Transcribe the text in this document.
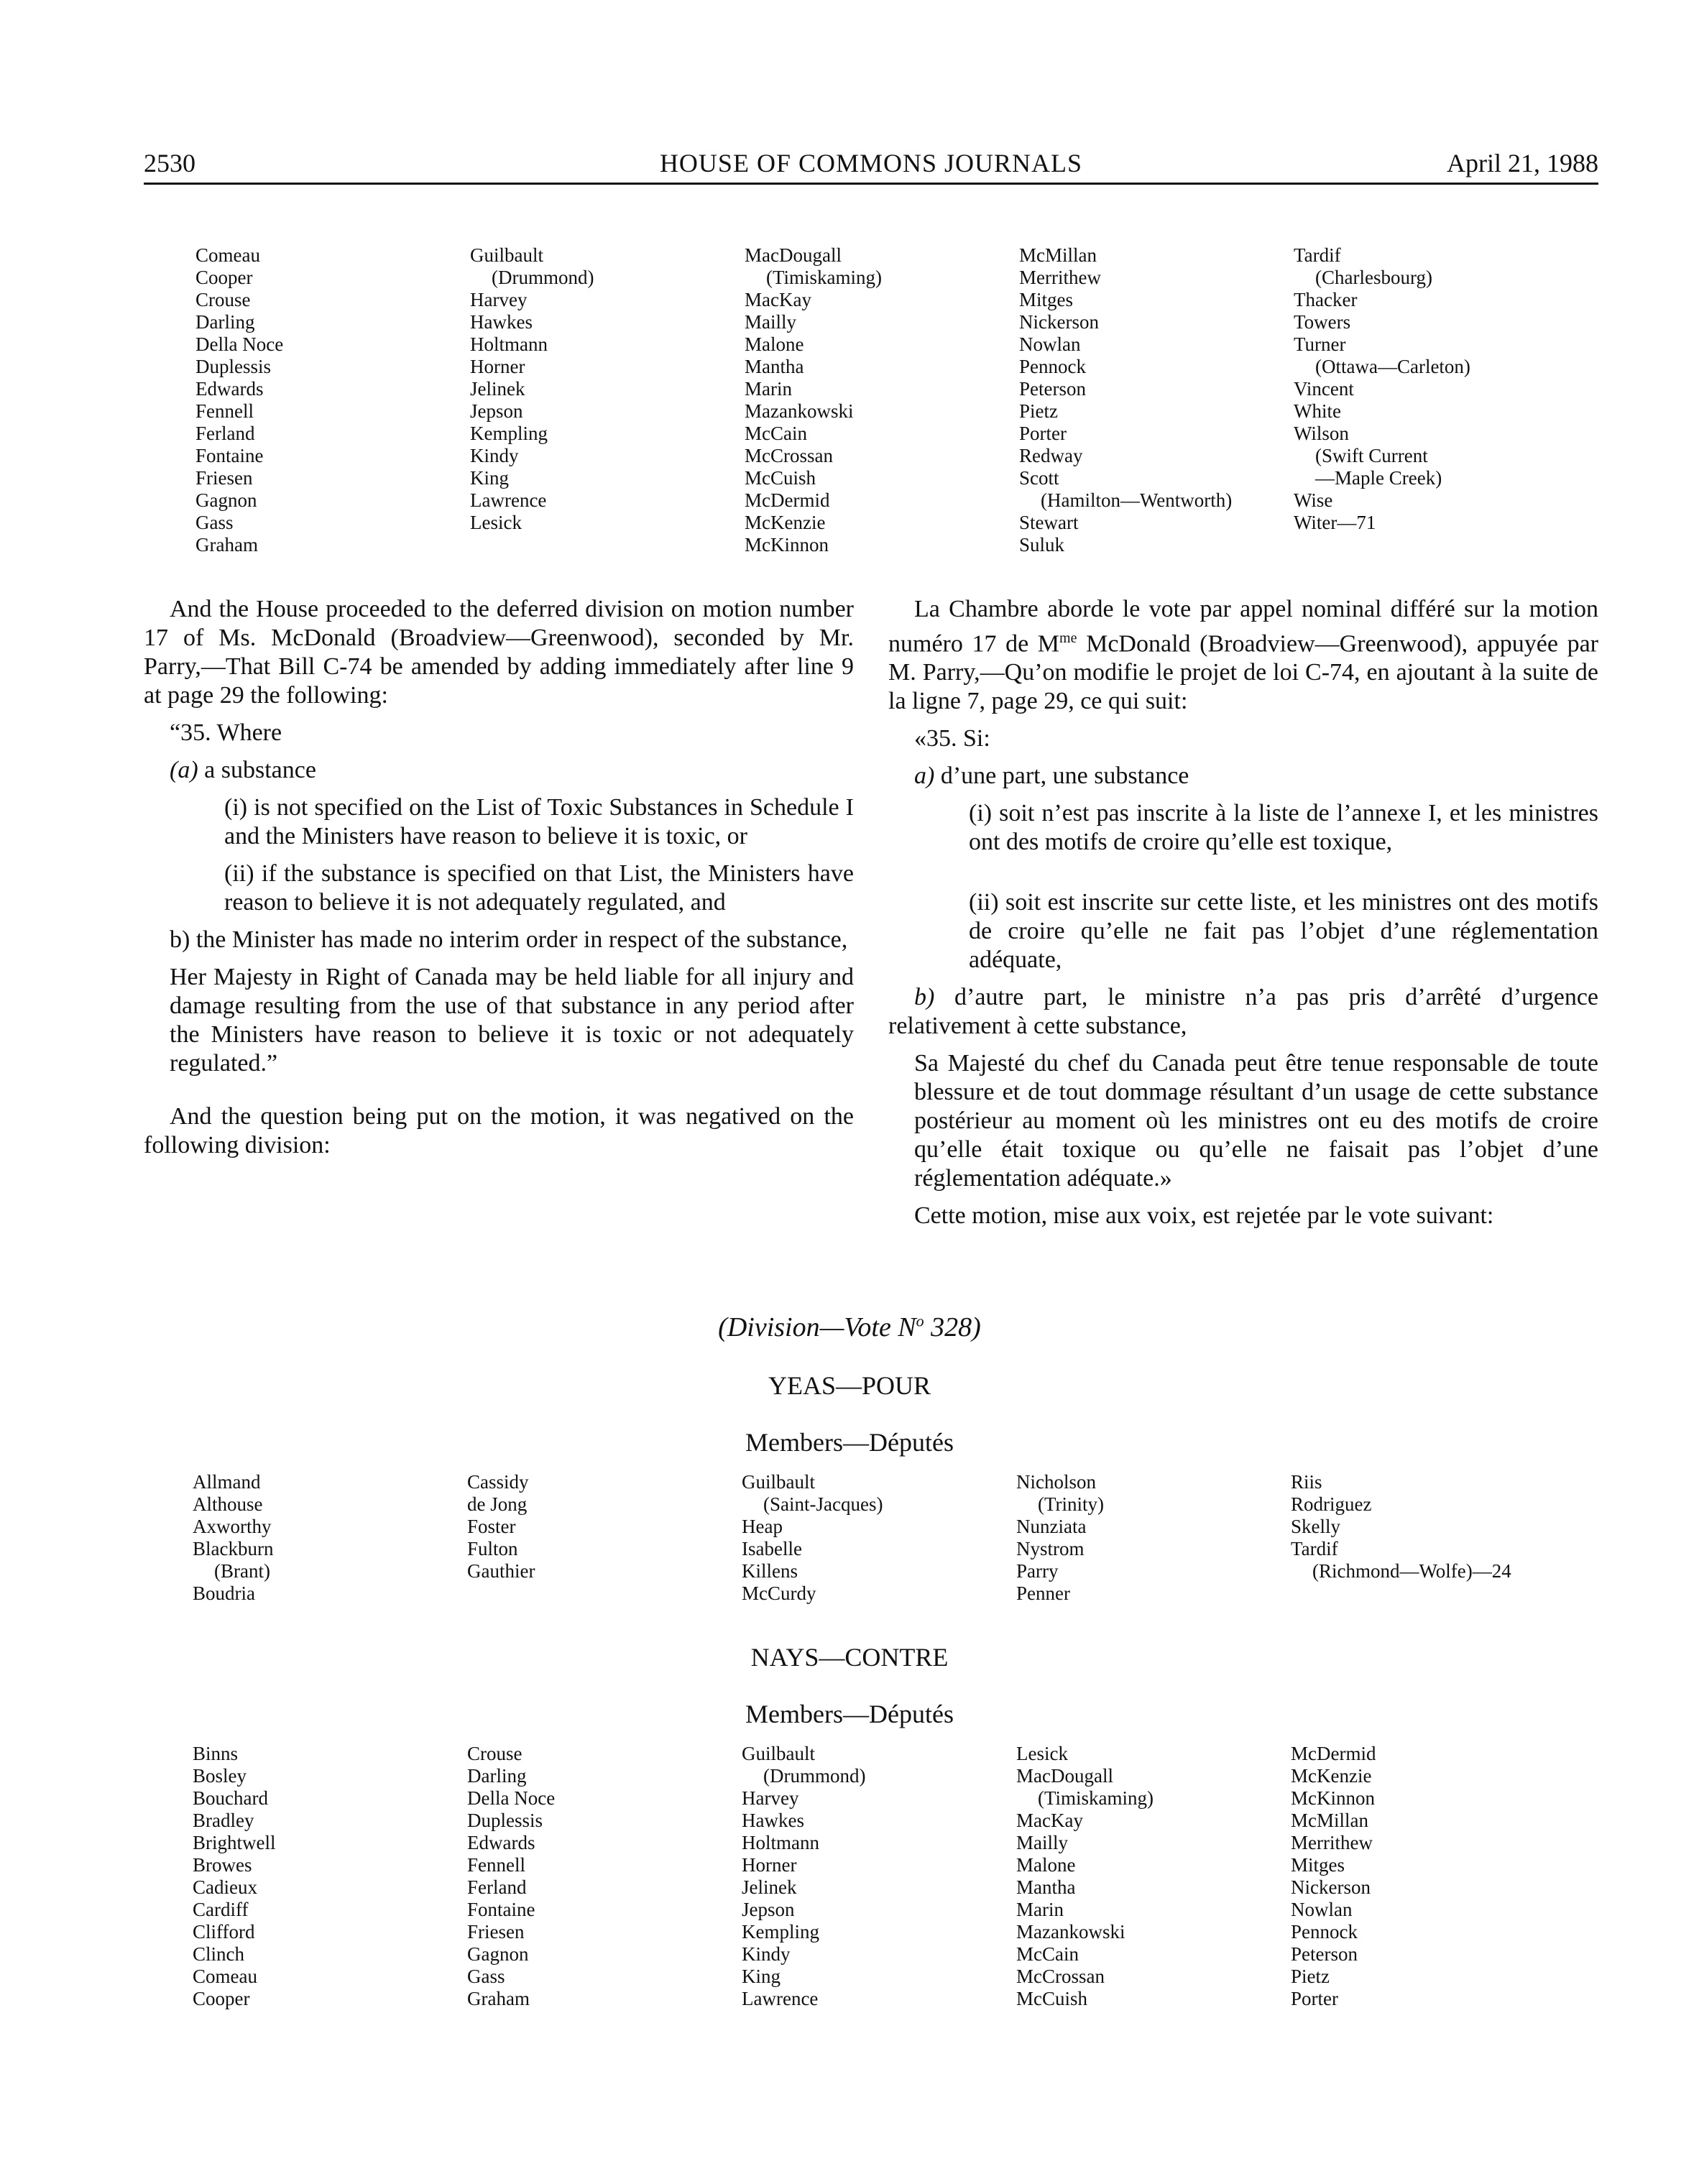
2530	HOUSE OF COMMONS JOURNALS	April 21, 1988
Comeau
Cooper
Crouse
Darling
Della Noce
Duplessis
Edwards
Fennell
Ferland
Fontaine
Friesen
Gagnon
Gass
Graham
Guilbault
(Drummond)
Harvey
Hawkes
Holtmann
Horner
Jelinek
Jepson
Kempling
Kindy
King
Lawrence
Lesick
MacDougall
(Timiskaming)
MacKay
Mailly
Malone
Mantha
Marin
Mazankowski
McCain
McCrossan
McCuish
McDermid
McKenzie
McKinnon
McMillan
Merrithew
Mitges
Nickerson
Nowlan
Pennock
Peterson
Pietz
Porter
Redway
Scott
(Hamilton—Wentworth)
Stewart
Suluk
Tardif
(Charlesbourg)
Thacker
Towers
Turner
(Ottawa—Carleton)
Vincent
White
Wilson
(Swift Current
—Maple Creek)
Wise
Witer—71

And the House proceeded to the deferred division on motion number 17 of Ms. McDonald (Broadview—Greenwood), seconded by Mr. Parry,—That Bill C-74 be amended by adding immediately after line 9 at page 29 the following:

“35. Where

(a) a substance

(i) is not specified on the List of Toxic Substances in Schedule I and the Ministers have reason to believe it is toxic, or

(ii) if the substance is specified on that List, the Ministers have reason to believe it is not adequately regulated, and

b) the Minister has made no interim order in respect of the substance,

Her Majesty in Right of Canada may be held liable for all injury and damage resulting from the use of that substance in any period after the Ministers have reason to believe it is toxic or not adequately regulated.”

And the question being put on the motion, it was negatived on the following division:

La Chambre aborde le vote par appel nominal différé sur la motion numéro 17 de $M^{me}$ McDonald (Broadview—Greenwood), appuyée par M. Parry,—Qu’on modifie le projet de loi C-74, en ajoutant à la suite de la ligne 7, page 29, ce qui suit:

«35. Si:

a) d’une part, une substance

(i) soit n’est pas inscrite à la liste de l’annexe I, et les ministres ont des motifs de croire qu’elle est toxique,

(ii) soit est inscrite sur cette liste, et les ministres ont des motifs de croire qu’elle ne fait pas l’objet d’une réglementation adéquate,

b) d’autre part, le ministre n’a pas pris d’arrêté d’urgence relativement à cette substance,

Sa Majesté du chef du Canada peut être tenue responsable de toute blessure et de tout dommage résultant d’un usage de cette substance postérieur au moment où les ministres ont eu des motifs de croire qu’elle était toxique ou qu’elle ne faisait pas l’objet d’une réglementation adéquate.»

Cette motion, mise aux voix, est rejetée par le vote suivant:

(Division—Vote $N^o$ 328)
YEAS—POUR
Members—Députés
Allmand
Althouse
Axworthy
Blackburn
(Brant)
Boudria
Cassidy
de Jong
Foster
Fulton
Gauthier
Guilbault
(Saint-Jacques)
Heap
Isabelle
Killens
McCurdy
Nicholson
(Trinity)
Nunziata
Nystrom
Parry
Penner
Riis
Rodriguez
Skelly
Tardif
(Richmond—Wolfe)—24
NAYS—CONTRE
Members—Députés
Binns
Bosley
Bouchard
Bradley
Brightwell
Browes
Cadieux
Cardiff
Clifford
Clinch
Comeau
Cooper
Crouse
Darling
Della Noce
Duplessis
Edwards
Fennell
Ferland
Fontaine
Friesen
Gagnon
Gass
Graham
Guilbault
(Drummond)
Harvey
Hawkes
Holtmann
Horner
Jelinek
Jepson
Kempling
Kindy
King
Lawrence
Lesick
MacDougall
(Timiskaming)
MacKay
Mailly
Malone
Mantha
Marin
Mazankowski
McCain
McCrossan
McCuish
McDermid
McKenzie
McKinnon
McMillan
Merrithew
Mitges
Nickerson
Nowlan
Pennock
Peterson
Pietz
Porter
